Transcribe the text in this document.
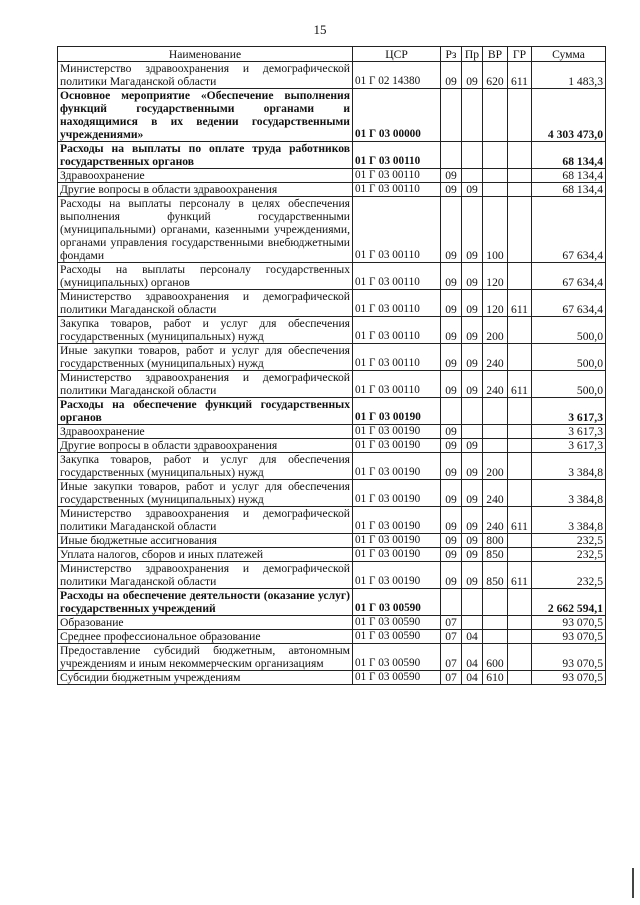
15
Наименование	ЦСР	Рз	Пр	ВР	ГР	Сумма
Министерство здравоохранения и демографической политики Магаданской области	01 Г 02 14380	09	09	620	611	1 483,3
Основное мероприятие «Обеспечение выполнения функций государственными органами и находящимися в их ведении государственными учреждениями»	01 Г 03 00000					4 303 473,0
Расходы на выплаты по оплате труда работников государственных органов	01 Г 03 00110					68 134,4
Здравоохранение	01 Г 03 00110	09				68 134,4
Другие вопросы в области здравоохранения	01 Г 03 00110	09	09			68 134,4
Расходы на выплаты персоналу в целях обеспечения выполнения функций государственными (муниципальными) органами, казенными учреждениями, органами управления государственными внебюджетными фондами	01 Г 03 00110	09	09	100		67 634,4
Расходы на выплаты персоналу государственных (муниципальных) органов	01 Г 03 00110	09	09	120		67 634,4
Министерство здравоохранения и демографической политики Магаданской области	01 Г 03 00110	09	09	120	611	67 634,4
Закупка товаров, работ и услуг для обеспечения государственных (муниципальных) нужд	01 Г 03 00110	09	09	200		500,0
Иные закупки товаров, работ и услуг для обеспечения государственных (муниципальных) нужд	01 Г 03 00110	09	09	240		500,0
Министерство здравоохранения и демографической политики Магаданской области	01 Г 03 00110	09	09	240	611	500,0
Расходы на обеспечение функций государственных органов	01 Г 03 00190					3 617,3
Здравоохранение	01 Г 03 00190	09				3 617,3
Другие вопросы в области здравоохранения	01 Г 03 00190	09	09			3 617,3
Закупка товаров, работ и услуг для обеспечения государственных (муниципальных) нужд	01 Г 03 00190	09	09	200		3 384,8
Иные закупки товаров, работ и услуг для обеспечения государственных (муниципальных) нужд	01 Г 03 00190	09	09	240		3 384,8
Министерство здравоохранения и демографической политики Магаданской области	01 Г 03 00190	09	09	240	611	3 384,8
Иные бюджетные ассигнования	01 Г 03 00190	09	09	800		232,5
Уплата налогов, сборов и иных платежей	01 Г 03 00190	09	09	850		232,5
Министерство здравоохранения и демографической политики Магаданской области	01 Г 03 00190	09	09	850	611	232,5
Расходы на обеспечение деятельности (оказание услуг) государственных учреждений	01 Г 03 00590					2 662 594,1
Образование	01 Г 03 00590	07				93 070,5
Среднее профессиональное образование	01 Г 03 00590	07	04			93 070,5
Предоставление субсидий бюджетным, автономным учреждениям и иным некоммерческим организациям	01 Г 03 00590	07	04	600		93 070,5
Субсидии бюджетным учреждениям	01 Г 03 00590	07	04	610		93 070,5
